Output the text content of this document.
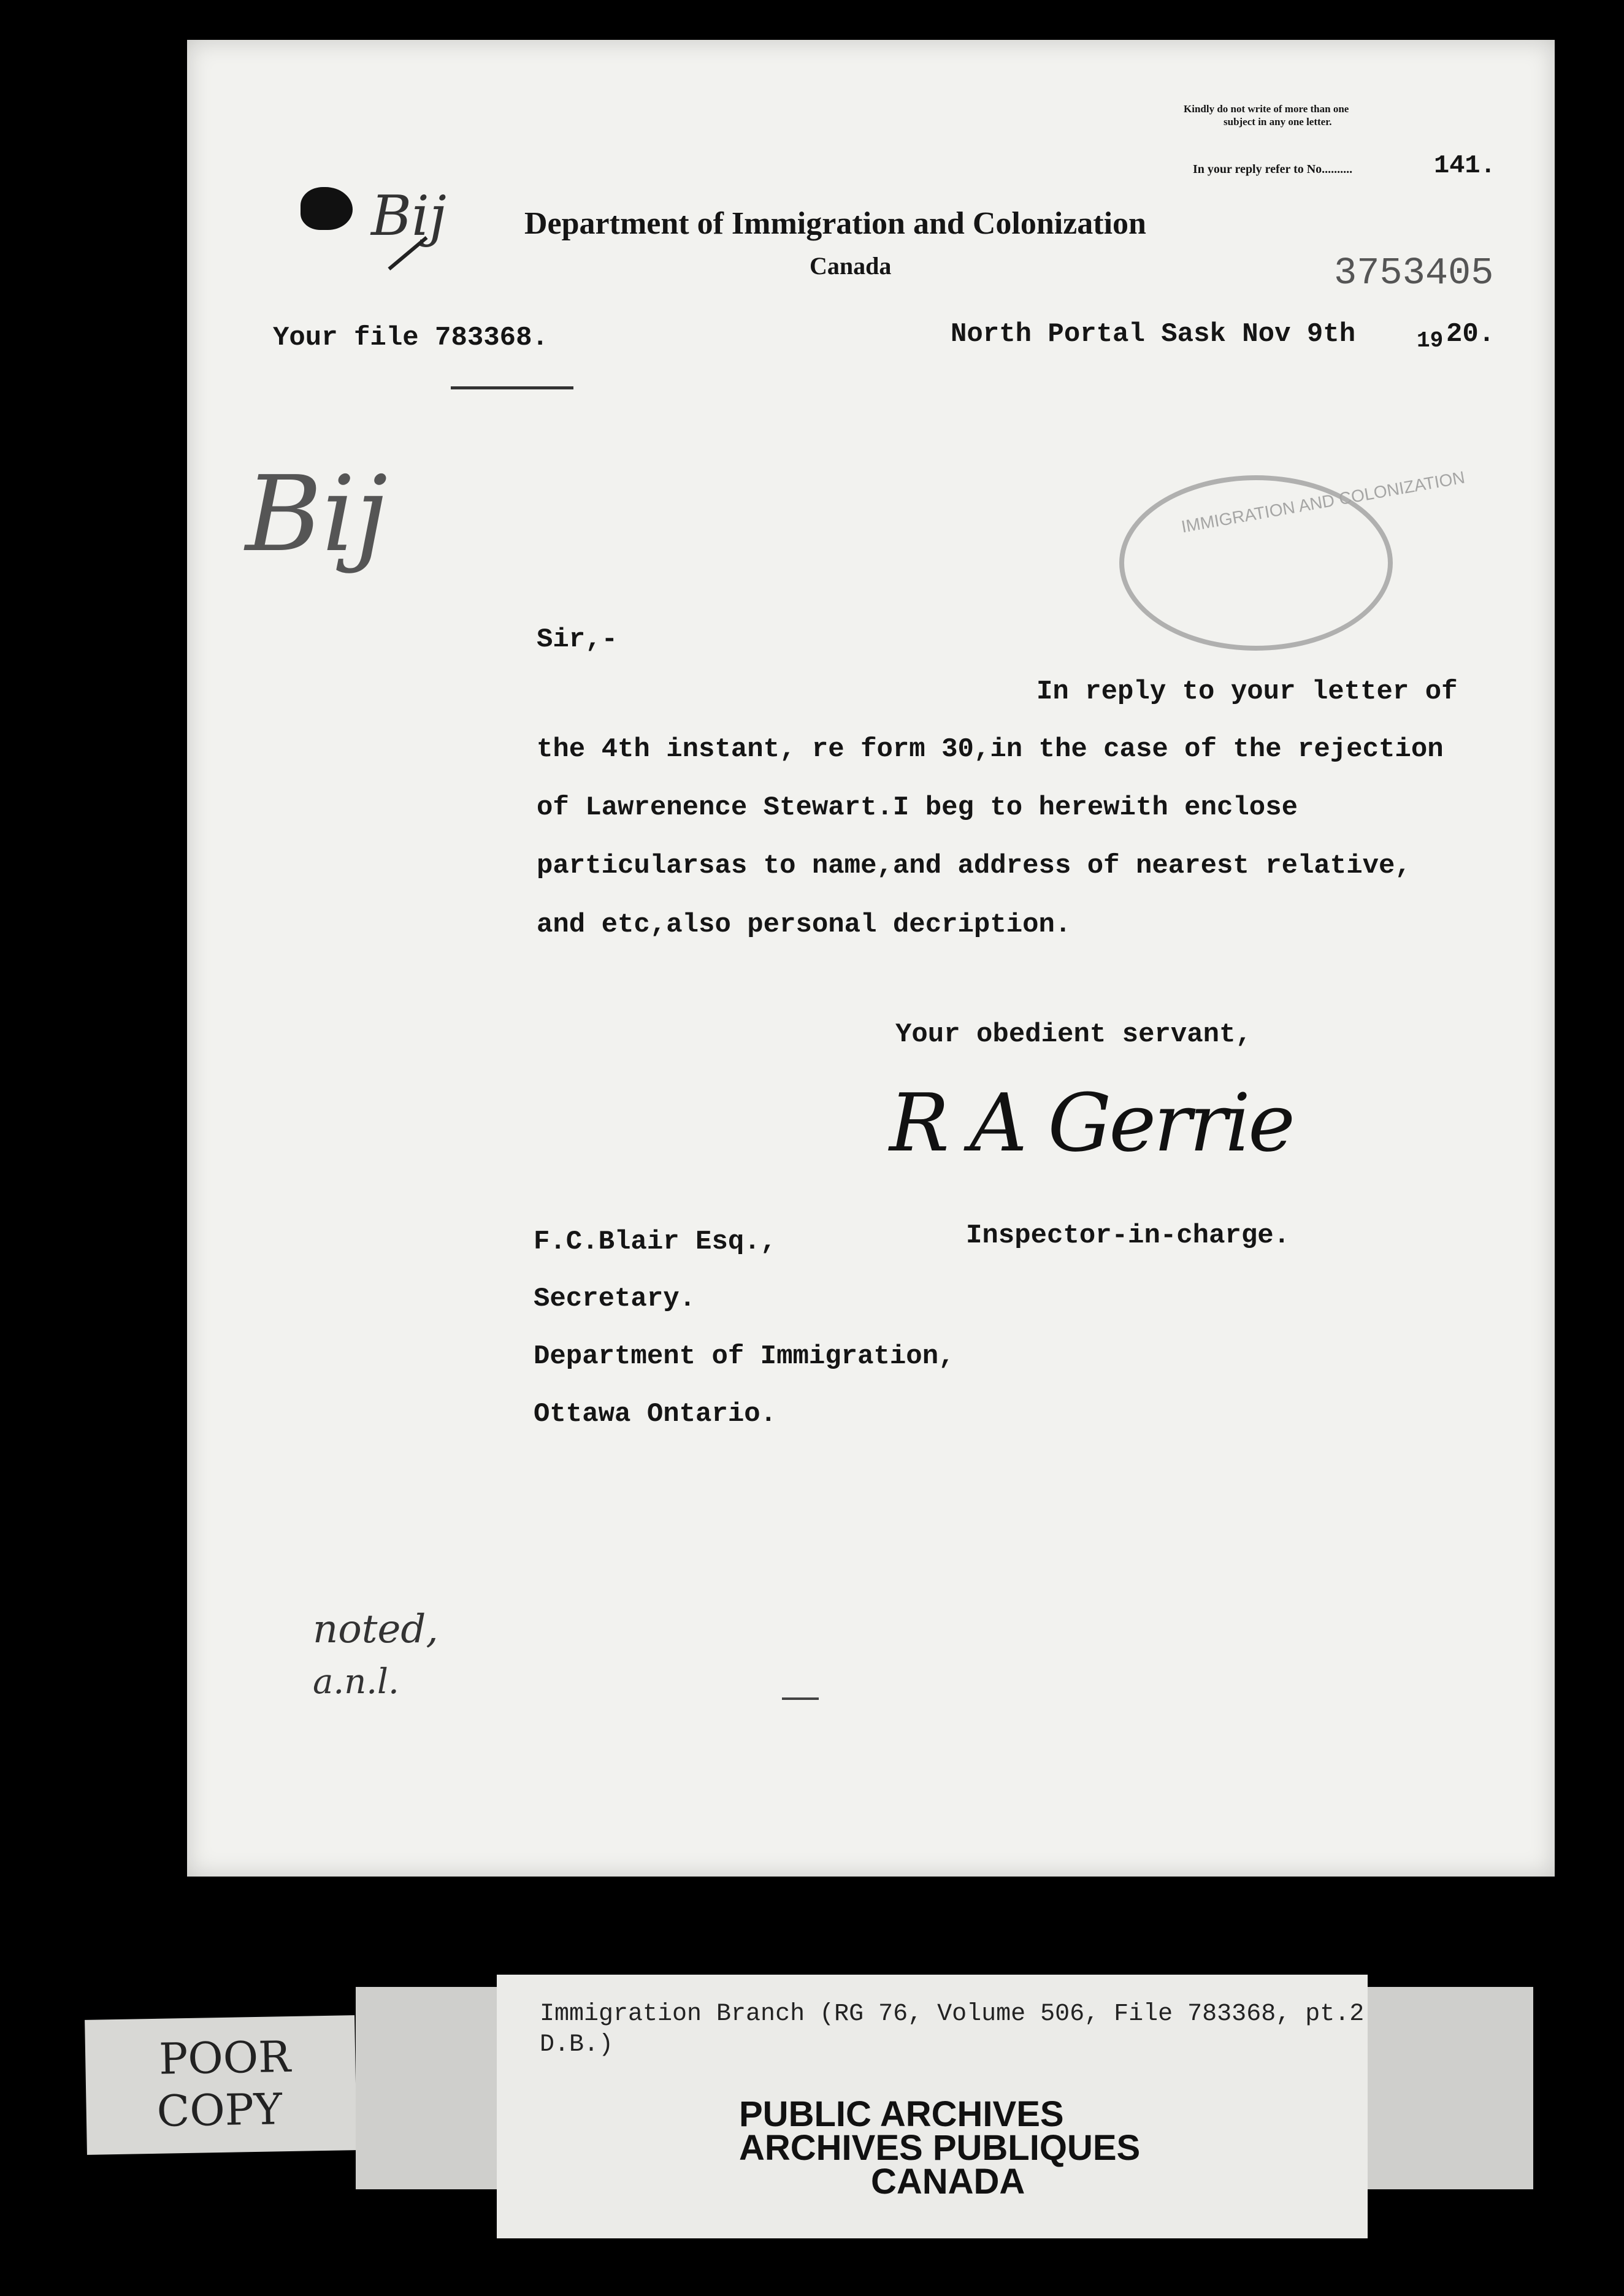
Kindly do not write of more than one
subject in any one letter.
In your reply refer to No..........	141.
Bij Department of Immigration and Colonization
Canada	3753405
Your file 783368.	North Portal Sask Nov 9th	19 20.
Bij	IMMIGRATION AND COLONIZATION
Sir,-
In reply to your letter of
the 4th instant, re form 30,in the case of the rejection
of Lawrenence Stewart.I beg to herewith enclose
particularsas to name,and address of nearest relative,
and etc,also personal decription.
Your obedient servant,
R A Gerrie
Inspector-in-charge.
F.C.Blair Esq.,
Secretary.
Department of Immigration,
Ottawa Ontario.
noted,
a.n.l.
POOR
COPY
Immigration Branch (RG 76, Volume 506, File 783368, pt.2
D.B.)
PUBLIC ARCHIVES
ARCHIVES PUBLIQUES
CANADA
